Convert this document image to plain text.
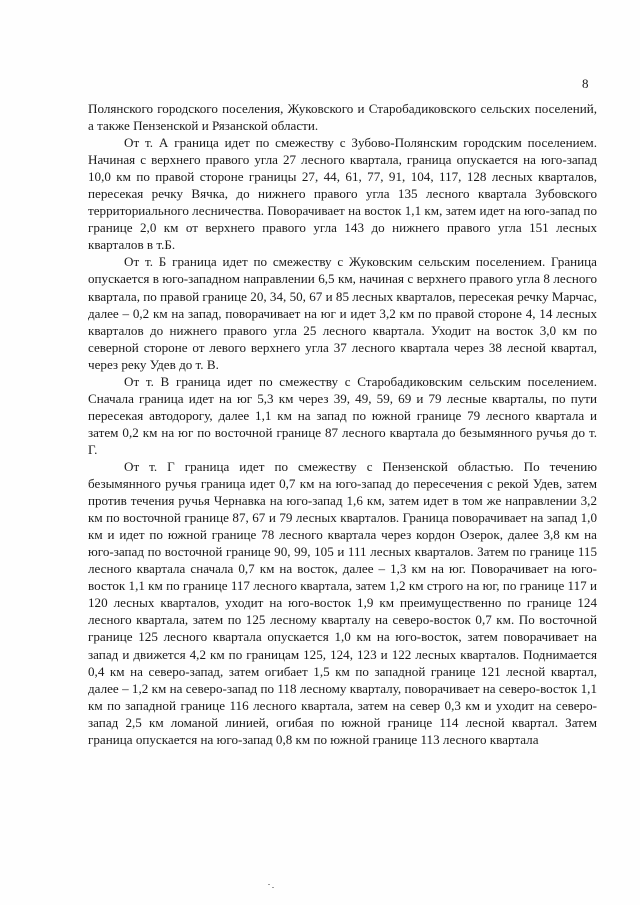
8

Полянского городского поселения, Жуковского и Старобадиковского сельских поселений, а также Пензенской и Рязанской области.

От т. А граница идет по смежеству с Зубово-Полянским городским поселением. Начиная с верхнего правого угла 27 лесного квартала, граница опускается на юго-запад 10,0 км по правой стороне границы 27, 44, 61, 77, 91, 104, 117, 128 лесных кварталов, пересекая речку Вячка, до нижнего правого угла 135 лесного квартала Зубовского территориального лесничества. Поворачивает на восток 1,1 км, затем идет на юго-запад по границе 2,0 км от верхнего правого угла 143 до нижнего правого угла 151 лесных кварталов в т.Б.

От т. Б граница идет по смежеству с Жуковским сельским поселением. Граница опускается в юго-западном направлении 6,5 км, начиная с верхнего правого угла 8 лесного квартала, по правой границе 20, 34, 50, 67 и 85 лесных кварталов, пересекая речку Марчас, далее – 0,2 км на запад, поворачивает на юг и идет 3,2 км по правой стороне 4, 14 лесных кварталов до нижнего правого угла 25 лесного квартала. Уходит на восток 3,0 км по северной стороне от левого верхнего угла 37 лесного квартала через 38 лесной квартал, через реку Удев до т. В.

От т. В граница идет по смежеству с Старобадиковским сельским поселением. Сначала граница идет на юг 5,3 км через 39, 49, 59, 69 и 79 лесные кварталы, по пути пересекая автодорогу, далее 1,1 км на запад по южной границе 79 лесного квартала и затем 0,2 км на юг по восточной границе 87 лесного квартала до безымянного ручья до т. Г.

От т. Г граница идет по смежеству с Пензенской областью. По течению безымянного ручья граница идет 0,7 км на юго-запад до пересечения с рекой Удев, затем против течения ручья Чернавка на юго-запад 1,6 км, затем идет в том же направлении 3,2 км по восточной границе 87, 67 и 79 лесных кварталов. Граница поворачивает на запад 1,0 км и идет по южной границе 78 лесного квартала через кордон Озерок, далее 3,8 км на юго-запад по восточной границе 90, 99, 105 и 111 лесных кварталов. Затем по границе 115 лесного квартала сначала 0,7 км на восток, далее – 1,3 км на юг. Поворачивает на юго-восток 1,1 км по границе 117 лесного квартала, затем 1,2 км строго на юг, по границе 117 и 120 лесных кварталов, уходит на юго-восток 1,9 км преимущественно по границе 124 лесного квартала, затем по 125 лесному кварталу на северо-восток 0,7 км. По восточной границе 125 лесного квартала опускается 1,0 км на юго-восток, затем поворачивает на запад и движется 4,2 км по границам 125, 124, 123 и 122 лесных кварталов. Поднимается 0,4 км на северо-запад, затем огибает 1,5 км по западной границе 121 лесной квартал, далее – 1,2 км на северо-запад по 118 лесному кварталу, поворачивает на северо-восток 1,1 км по западной границе 116 лесного квартала, затем на север 0,3 км и уходит на северо-запад 2,5 км ломаной линией, огибая по южной границе 114 лесной квартал. Затем граница опускается на юго-запад 0,8 км по южной границе 113 лесного квартала
